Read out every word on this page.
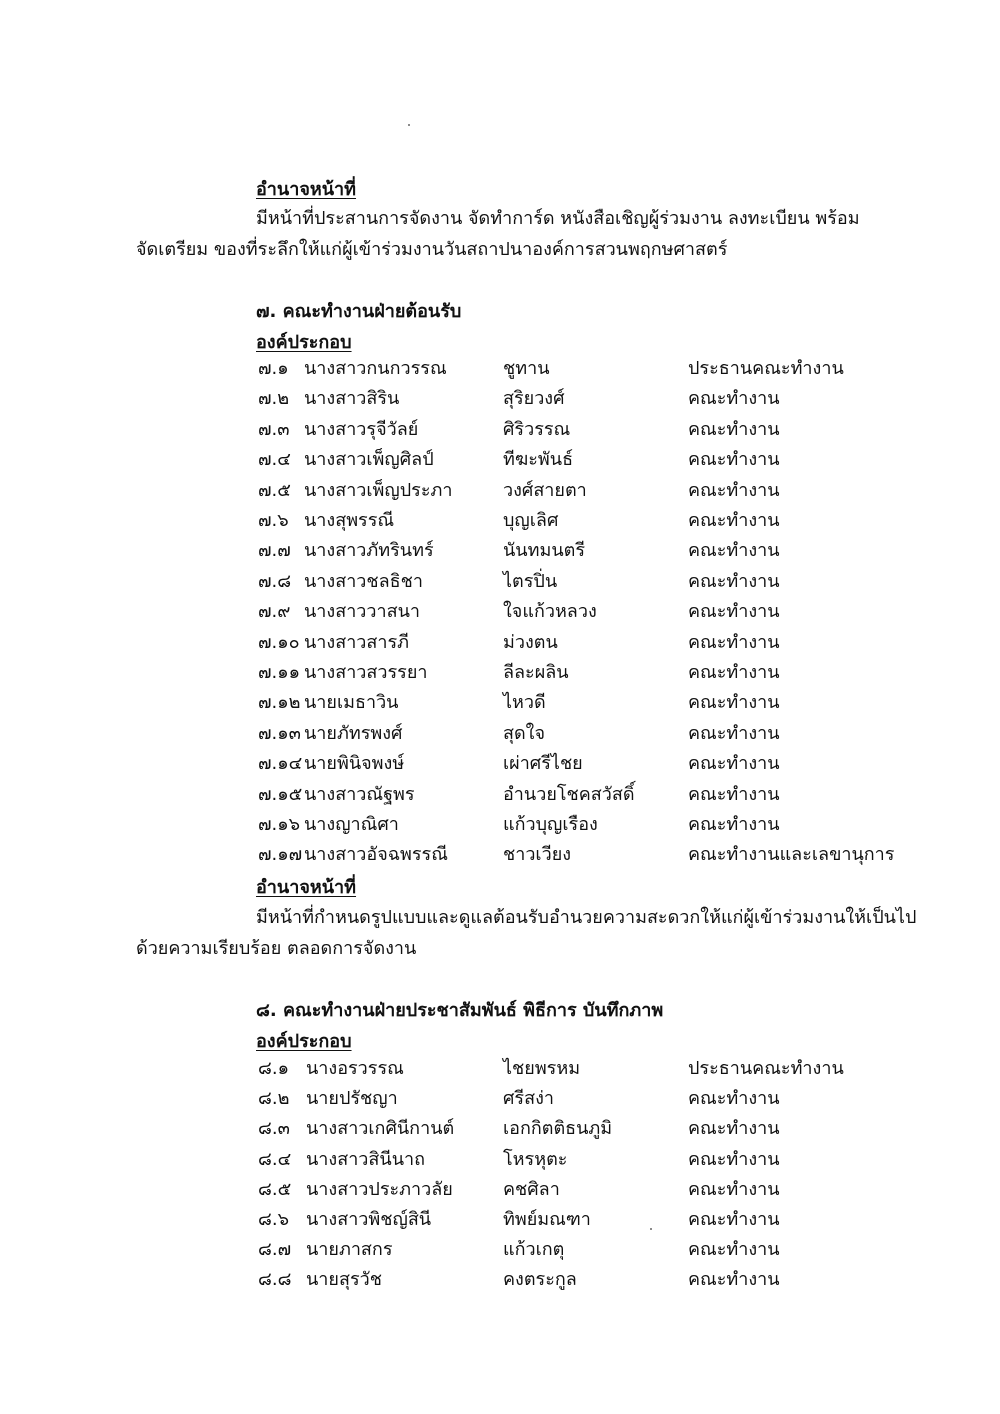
อำนาจหน้าที่
มีหน้าที่ประสานการจัดงาน จัดทำการ์ด หนังสือเชิญผู้ร่วมงาน ลงทะเบียน พร้อม
จัดเตรียม ของที่ระลึกให้แก่ผู้เข้าร่วมงานวันสถาปนาองค์การสวนพฤกษศาสตร์
๗. คณะทำงานฝ่ายต้อนรับ
องค์ประกอบ
๗.๑ นางสาวกนกวรรณ	ชูทาน	ประธานคณะทำงาน
๗.๒ นางสาวสิริน	สุริยวงศ์	คณะทำงาน
๗.๓ นางสาวรุจีวัลย์	ศิริวรรณ	คณะทำงาน
๗.๔ นางสาวเพ็ญศิลป์	ทีฆะพันธ์	คณะทำงาน
๗.๕ นางสาวเพ็ญประภา	วงศ์สายตา	คณะทำงาน
๗.๖ นางสุพรรณี	บุญเลิศ	คณะทำงาน
๗.๗ นางสาวภัทรินทร์	นันทมนตรี	คณะทำงาน
๗.๘ นางสาวชลธิชา	ไตรปิ่น	คณะทำงาน
๗.๙ นางสาววาสนา	ใจแก้วหลวง	คณะทำงาน
๗.๑๐ นางสาวสารภี	ม่วงตน	คณะทำงาน
๗.๑๑ นางสาวสวรรยา	ลีละผลิน	คณะทำงาน
๗.๑๒ นายเมธาวิน	ไหวดี	คณะทำงาน
๗.๑๓ นายภัทรพงศ์	สุดใจ	คณะทำงาน
๗.๑๔ นายพินิจพงษ์	เผ่าศรีไชย	คณะทำงาน
๗.๑๕ นางสาวณัฐพร	อำนวยโชคสวัสดิ์	คณะทำงาน
๗.๑๖ นางญาณิศา	แก้วบุญเรือง	คณะทำงาน
๗.๑๗ นางสาวอัจฉพรรณี	ชาวเวียง	คณะทำงานและเลขานุการ
อำนาจหน้าที่
มีหน้าที่กำหนดรูปแบบและดูแลต้อนรับอำนวยความสะดวกให้แก่ผู้เข้าร่วมงานให้เป็นไป
ด้วยความเรียบร้อย ตลอดการจัดงาน
๘. คณะทำงานฝ่ายประชาสัมพันธ์ พิธีการ บันทึกภาพ
องค์ประกอบ
๘.๑ นางอรวรรณ	ไชยพรหม	ประธานคณะทำงาน
๘.๒ นายปรัชญา	ศรีสง่า	คณะทำงาน
๘.๓ นางสาวเกศินีกานต์	เอกกิตติธนภูมิ	คณะทำงาน
๘.๔ นางสาวสินีนาถ	โหรหุตะ	คณะทำงาน
๘.๕ นางสาวประภาวลัย	คชศิลา	คณะทำงาน
๘.๖ นางสาวพิชญ์สินี	ทิพย์มณฑา	คณะทำงาน
๘.๗ นายภาสกร	แก้วเกตุ	คณะทำงาน
๘.๘ นายสุรวัช	คงตระกูล	คณะทำงาน
